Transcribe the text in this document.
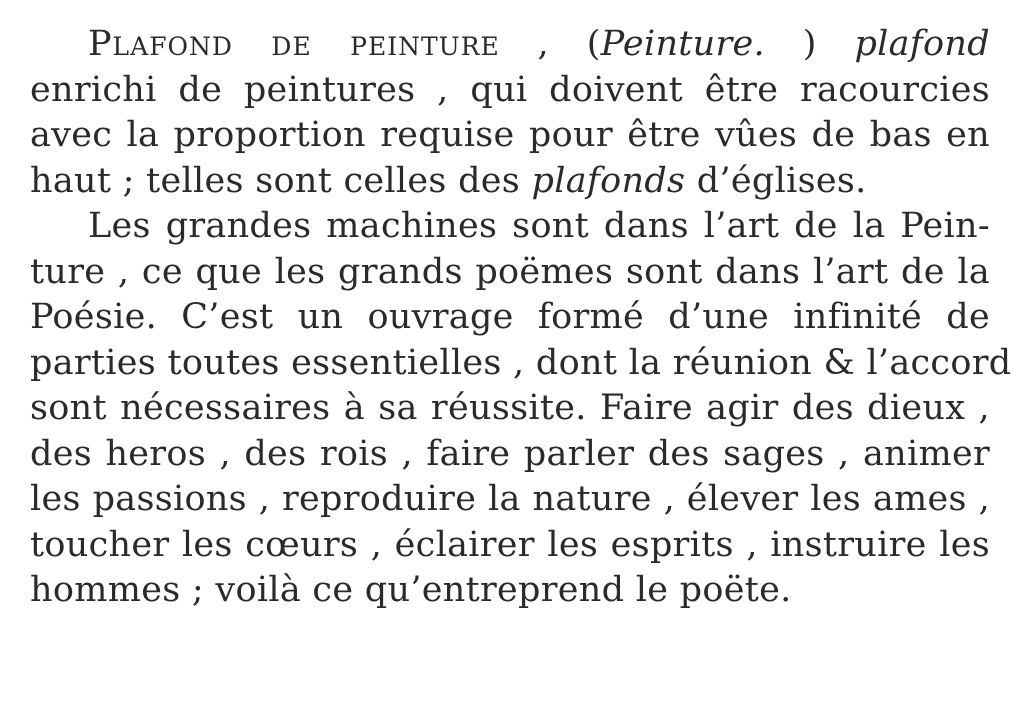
Plafond de peinture , (Peinture. ) plafond
enrichi de peintures , qui doivent être racourcies
avec la proportion requise pour être vûes de bas en
haut ; telles sont celles des plafonds d’églises.
Les grandes machines sont dans l’art de la Pein-
ture , ce que les grands poëmes sont dans l’art de la
Poésie. C’est un ouvrage formé d’une infinité de
parties toutes essentielles , dont la réunion & l’accord
sont nécessaires à sa réussite. Faire agir des dieux ,
des heros , des rois , faire parler des sages , animer
les passions , reproduire la nature , élever les ames ,
toucher les cœurs , éclairer les esprits , instruire les
hommes ; voilà ce qu’entreprend le poëte.
